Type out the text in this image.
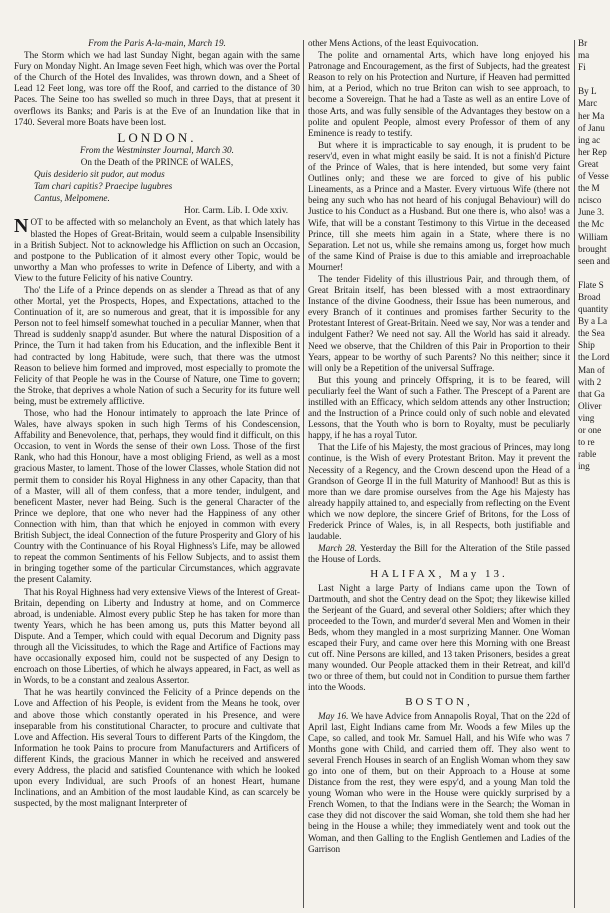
From the Paris A-la-main, March 19.

The Storm which we had last Sunday Night, began again with the same Fury on Monday Night. An Image seven Feet high, which was over the Portal of the Church of the Hotel des Invalides, was thrown down, and a Sheet of Lead 12 Feet long, was tore off the Roof, and carried to the distance of 30 Paces. The Seine too has swelled so much in three Days, that at present it overflows its Banks; and Paris is at the Eve of an Inundation like that in 1740. Several more Boats have been lost.

LONDON.

From the Westminster Journal, March 30.

On the Death of the PRINCE of WALES,

Quis desiderio sit pudor, aut modus

Tam chari capitis? Praecipe lugubres

Cantus, Melpomene.

Hor. Carm. Lib. I. Ode xxiv.

NOT to be affected with so melancholy an Event, as that which lately has blasted the Hopes of Great-Britain, would seem a culpable Insensibility in a British Subject. Not to acknowledge his Affliction on such an Occasion, and postpone to the Publication of it almost every other Topic, would be unworthy a Man who professes to write in Defence of Liberty, and with a View to the future Felicity of his native Country.

Tho' the Life of a Prince depends on as slender a Thread as that of any other Mortal, yet the Prospects, Hopes, and Expectations, attached to the Continuation of it, are so numerous and great, that it is impossible for any Person not to feel himself somewhat touched in a peculiar Manner, when that Thread is suddenly snapp'd asunder. But where the natural Disposition of a Prince, the Turn it had taken from his Education, and the inflexible Bent it had contracted by long Habitude, were such, that there was the utmost Reason to believe him formed and improved, most especially to promote the Felicity of that People he was in the Course of Nature, one Time to govern; the Stroke, that deprives a whole Nation of such a Security for its future well being, must be extremely afflictive.

Those, who had the Honour intimately to approach the late Prince of Wales, have always spoken in such high Terms of his Condescension, Affability and Benevolence, that, perhaps, they would find it difficult, on this Occasion, to vent in Words the sense of their own Loss. Those of the first Rank, who had this Honour, have a most obliging Friend, as well as a most gracious Master, to lament. Those of the lower Classes, whole Station did not permit them to consider his Royal Highness in any other Capacity, than that of a Master, will all of them confess, that a more tender, indulgent, and beneficent Master, never had Being. Such is the general Character of the Prince we deplore, that one who never had the Happiness of any other Connection with him, than that which he enjoyed in common with every British Subject, the ideal Connection of the future Prosperity and Glory of his Country with the Continuance of his Royal Highness's Life, may be allowed to repeat the common Sentiments of his Fellow Subjects, and to assist them in bringing together some of the particular Circumstances, which aggravate the present Calamity.

That his Royal Highness had very extensive Views of the Interest of Great-Britain, depending on Liberty and Industry at home, and on Commerce abroad, is undeniable. Almost every public Step he has taken for more than twenty Years, which he has been among us, puts this Matter beyond all Dispute. And a Temper, which could with equal Decorum and Dignity pass through all the Vicissitudes, to which the Rage and Artifice of Factions may have occasionally exposed him, could not be suspected of any Design to encroach on those Liberties, of which he always appeared, in Fact, as well as in Words, to be a constant and zealous Assertor.

That he was heartily convinced the Felicity of a Prince depends on the Love and Affection of his People, is evident from the Means he took, over and above those which constantly operated in his Presence, and were inseparable from his constitutional Character, to procure and cultivate that Love and Affection. His several Tours to different Parts of the Kingdom, the Information he took Pains to procure from Manufacturers and Artificers of different Kinds, the gracious Manner in which he received and answered every Address, the placid and satisfied Countenance with which he looked upon every Individual, are such Proofs of an honest Heart, humane Inclinations, and an Ambition of the most laudable Kind, as can scarcely be suspected, by the most malignant Interpreter of

other Mens Actions, of the least Equivocation.

The polite and ornamental Arts, which have long enjoyed his Patronage and Encouragement, as the first of Subjects, had the greatest Reason to rely on his Protection and Nurture, if Heaven had permitted him, at a Period, which no true Briton can wish to see approach, to become a Sovereign. That he had a Taste as well as an entire Love of those Arts, and was fully sensible of the Advantages they bestow on a polite and opulent People, almost every Professor of them of any Eminence is ready to testify.

But where it is impracticable to say enough, it is prudent to be reserv'd, even in what might easily be said. It is not a finish'd Picture of the Prince of Wales, that is here intended, but some very faint Outlines only; and these we are forced to give of his public Lineaments, as a Prince and a Master. Every virtuous Wife (there not being any such who has not heard of his conjugal Behaviour) will do Justice to his Conduct as a Husband. But one there is, who also! was a Wife, that will be a constant Testimony to this Virtue in the deceased Prince, till she meets him again in a State, where there is no Separation. Let not us, while she remains among us, forget how much of the same Kind of Praise is due to this amiable and irreproachable Mourner!

The tender Fidelity of this illustrious Pair, and through them, of Great Britain itself, has been blessed with a most extraordinary Instance of the divine Goodness, their Issue has been numerous, and every Branch of it continues and promises farther Security to the Protestant Interest of Great-Britain. Need we say, Nor was a tender and indulgent Father? We need not say. All the World has said it already. Need we observe, that the Children of this Pair in Proportion to their Years, appear to be worthy of such Parents? No this neither; since it will only be a Repetition of the universal Suffrage.

But this young and princely Offspring, it is to be feared, will peculiarly feel the Want of such a Father. The Prescept of a Parent are instilled with an Efficacy, which seldom attends any other Instruction; and the Instruction of a Prince could only of such noble and elevated Lessons, that the Youth who is born to Royalty, must be peculiarly happy, if he has a royal Tutor.

That the Life of his Majesty, the most gracious of Princes, may long continue, is the Wish of every Protestant Briton. May it prevent the Necessity of a Regency, and the Crown descend upon the Head of a Grandson of George II in the full Maturity of Manhood! But as this is more than we dare promise ourselves from the Age his Majesty has already happily attained to, and especially from reflecting on the Event which we now deplore, the sincere Grief of Britons, for the Loss of Frederick Prince of Wales, is, in all Respects, both justifiable and laudable.

March 28. Yesterday the Bill for the Alteration of the Stile passed the House of Lords.

HALIFAX, May 13.

Last Night a large Party of Indians came upon the Town of Dartmouth, and shot the Centry dead on the Spot; they likewise killed the Serjeant of the Guard, and several other Soldiers; after which they proceeded to the Town, and murder'd several Men and Women in their Beds, whom they mangled in a most surprizing Manner. One Woman escaped their Fury, and came over here this Morning with one Breast cut off. Nine Persons are killed, and 13 taken Prisoners, besides a great many wounded. Our People attacked them in their Retreat, and kill'd two or three of them, but could not in Condition to pursue them farther into the Woods.

BOSTON,

May 16. We have Advice from Annapolis Royal, That on the 22d of April last, Eight Indians came from Mr. Woods a few Miles up the Cape, so called, and took Mr. Samuel Hall, and his Wife who was 7 Months gone with Child, and carried them off. They also went to several French Houses in search of an English Woman whom they saw go into one of them, but on their Approach to a House at some Distance from the rest, they were espy'd, and a young Man told the young Woman who were in the House were quickly surprised by a French Women, to that the Indians were in the Search; the Woman in case they did not discover the said Woman, she told them she had her being in the House a while; they immediately went and took out the Woman, and then Galling to the English Gentlemen and Ladies of the Garrison

Br

ma

Fi

By L

Marc

her Ma

of Janu

ing ac

her Rep

Great

of Vesse

the M

ncisco

June 3.

the Mc

William

brought

seen and

Flate S

Broad

quantity

By a La

the Sea

Ship

the Lord

Man of

with 2

that Ga

Oliver

ving

or one

to re

rable

ing
